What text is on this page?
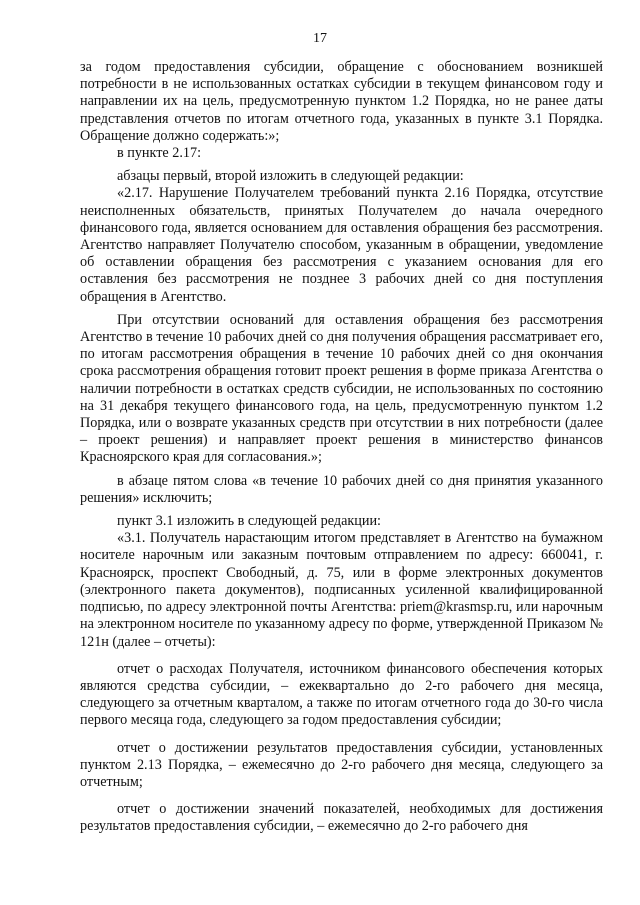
17

за годом предоставления субсидии, обращение с обоснованием возникшей потребности в не использованных остатках субсидии в текущем финансовом году и направлении их на цель, предусмотренную пунктом 1.2 Порядка, но не ранее даты представления отчетов по итогам отчетного года, указанных в пункте 3.1 Порядка. Обращение должно содержать:»;

в пункте 2.17:

абзацы первый, второй изложить в следующей редакции:

«2.17. Нарушение Получателем требований пункта 2.16 Порядка, отсутствие неисполненных обязательств, принятых Получателем до начала очередного финансового года, является основанием для оставления обращения без рассмотрения. Агентство направляет Получателю способом, указанным в обращении, уведомление об оставлении обращения без рассмотрения с указанием основания для его оставления без рассмотрения не позднее 3 рабочих дней со дня поступления обращения в Агентство.

При отсутствии оснований для оставления обращения без рассмотрения Агентство в течение 10 рабочих дней со дня получения обращения рассматривает его, по итогам рассмотрения обращения в течение 10 рабочих дней со дня окончания срока рассмотрения обращения готовит проект решения в форме приказа Агентства о наличии потребности в остатках средств субсидии, не использованных по состоянию на 31 декабря текущего финансового года, на цель, предусмотренную пунктом 1.2 Порядка, или о возврате указанных средств при отсутствии в них потребности (далее – проект решения) и направляет проект решения в министерство финансов Красноярского края для согласования.»;

в абзаце пятом слова «в течение 10 рабочих дней со дня принятия указанного решения» исключить;

пункт 3.1 изложить в следующей редакции:

«3.1. Получатель нарастающим итогом представляет в Агентство на бумажном носителе нарочным или заказным почтовым отправлением по адресу: 660041, г. Красноярск, проспект Свободный, д. 75, или в форме электронных документов (электронного пакета документов), подписанных усиленной квалифицированной подписью, по адресу электронной почты Агентства: priem@krasmsp.ru, или нарочным на электронном носителе по указанному адресу по форме, утвержденной Приказом № 121н (далее – отчеты):

отчет о расходах Получателя, источником финансового обеспечения которых являются средства субсидии, – ежеквартально до 2-го рабочего дня месяца, следующего за отчетным кварталом, а также по итогам отчетного года до 30-го числа первого месяца года, следующего за годом предоставления субсидии;

отчет о достижении результатов предоставления субсидии, установленных пунктом 2.13 Порядка, – ежемесячно до 2-го рабочего дня месяца, следующего за отчетным;

отчет о достижении значений показателей, необходимых для достижения результатов предоставления субсидии, – ежемесячно до 2-го рабочего дня
